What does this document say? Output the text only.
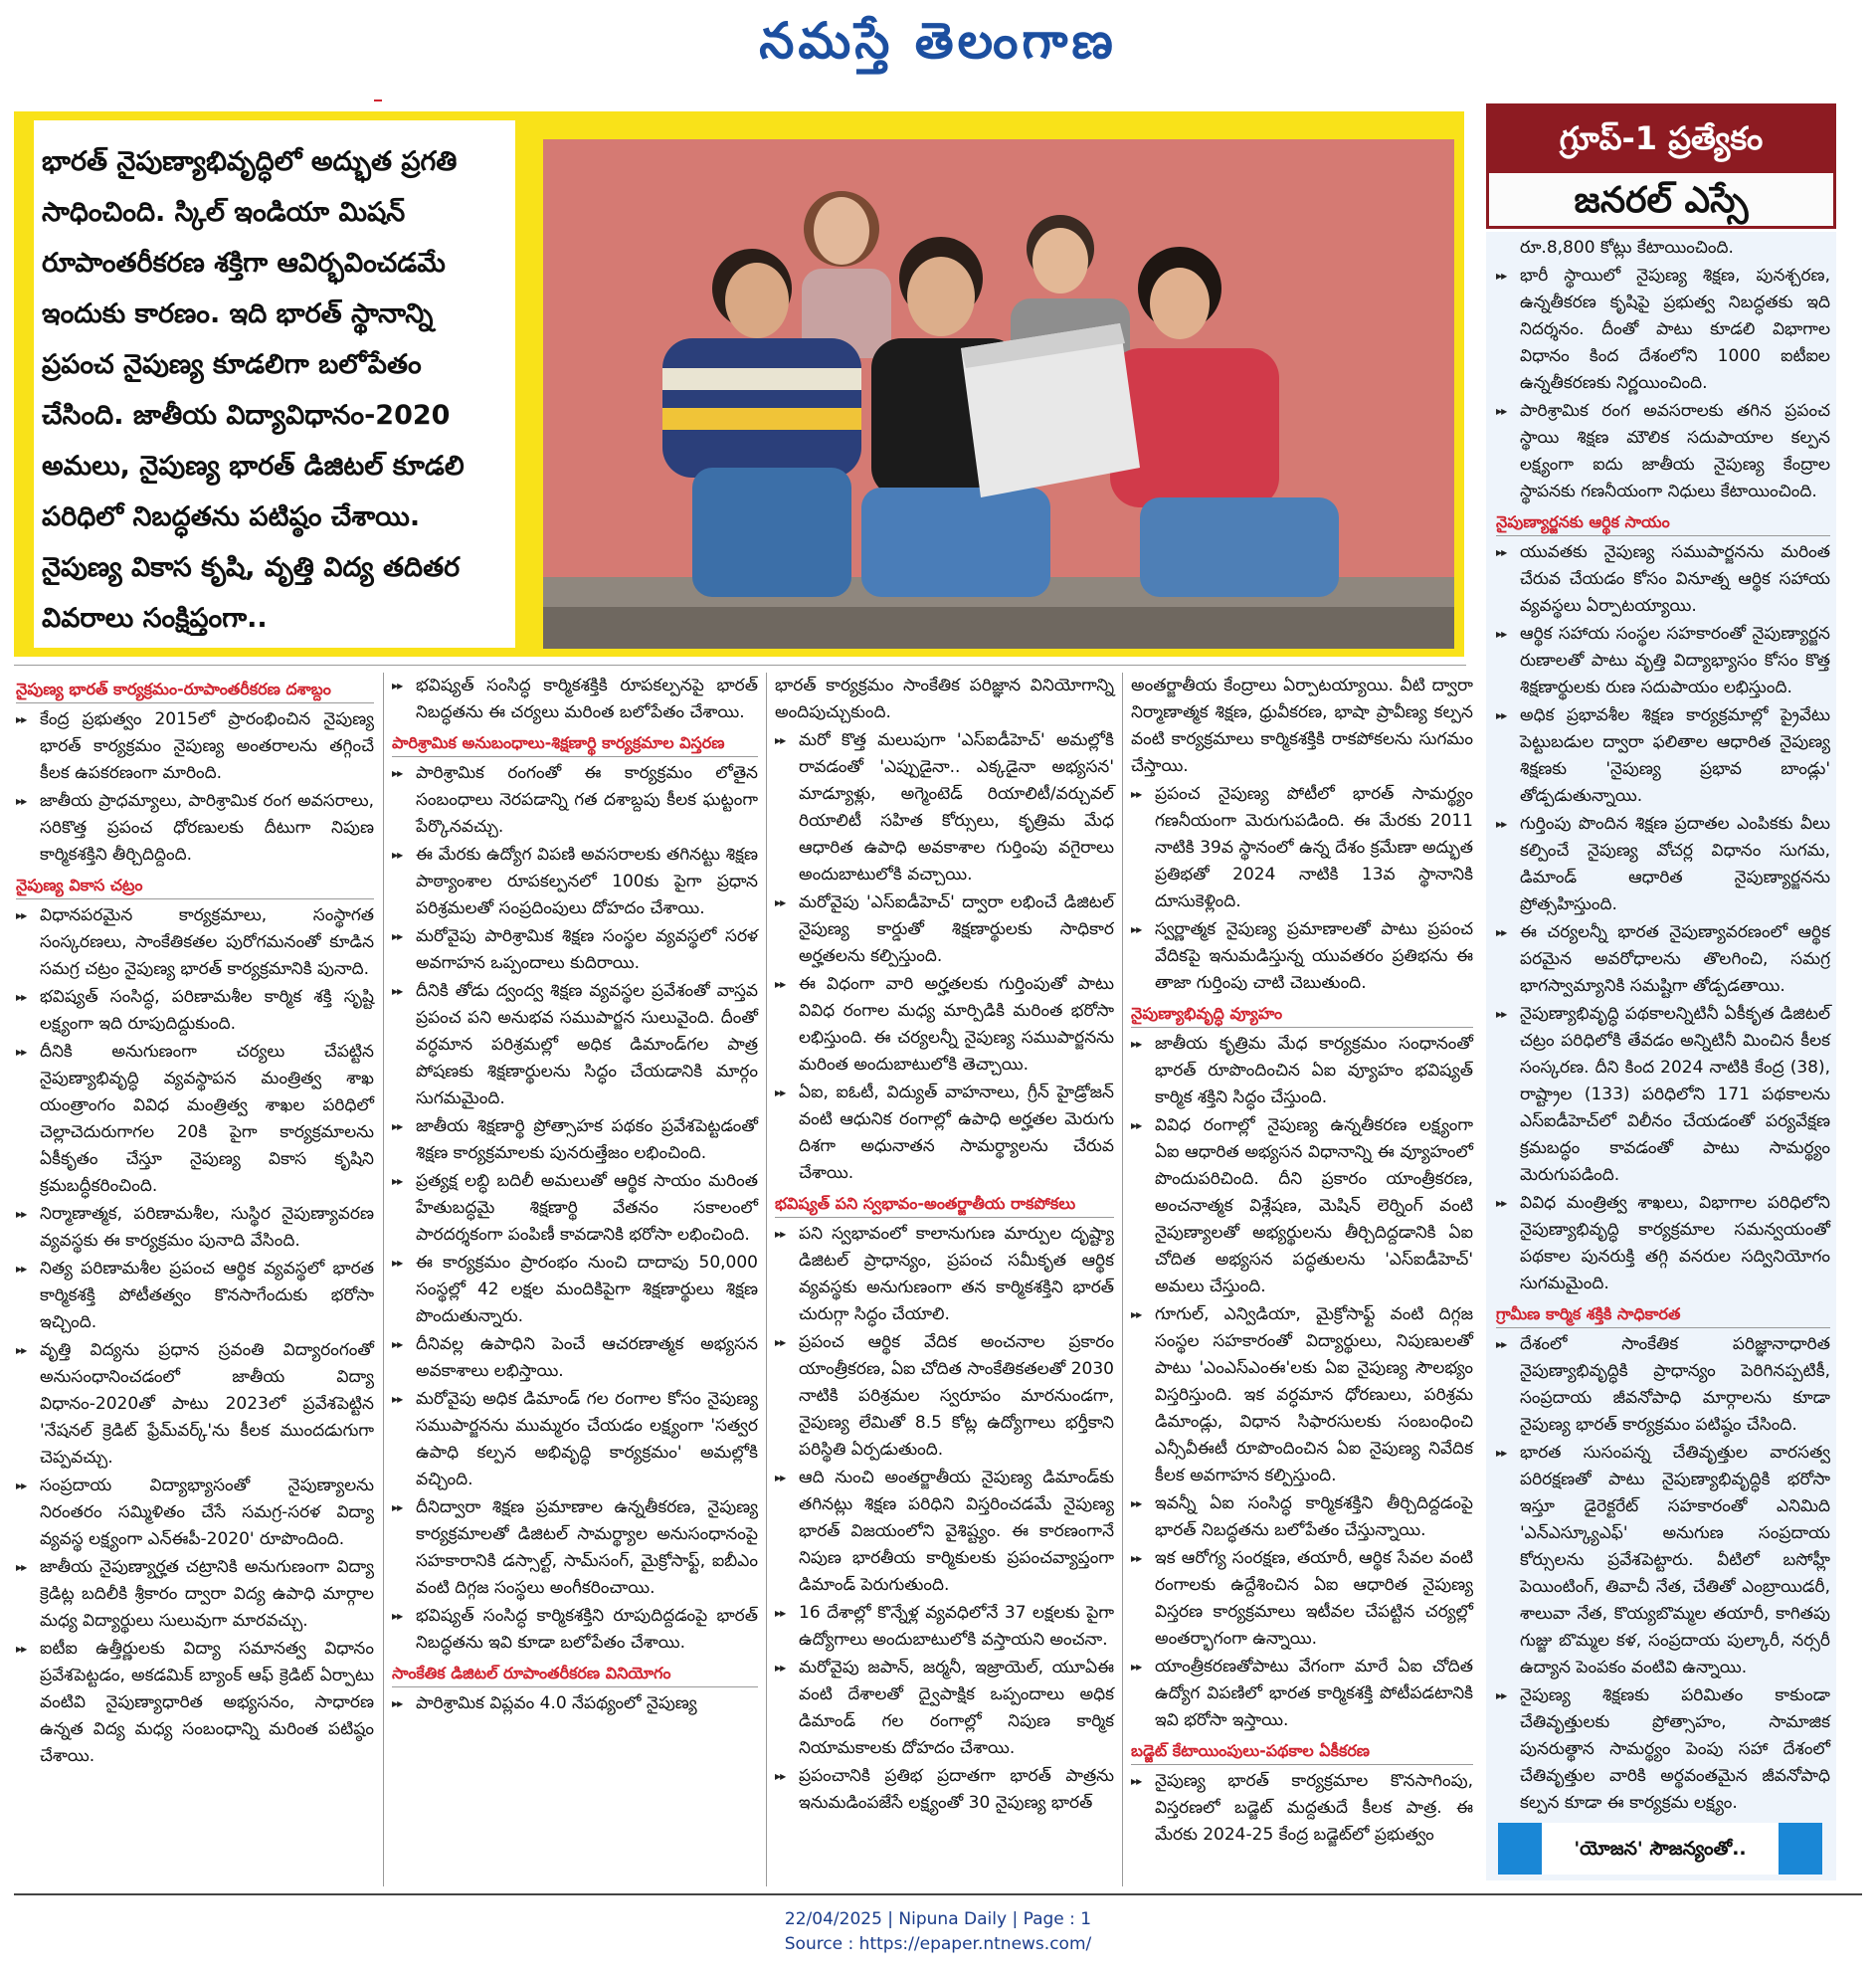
నమస్తే తెలంగాణ
భారత్ నైపుణ్యాభివృద్ధిలో అద్భుత ప్రగతి సాధించింది. స్కిల్ ఇండియా మిషన్ రూపాంతరీకరణ శక్తిగా ఆవిర్భవించడమే ఇందుకు కారణం. ఇది భారత్ స్థానాన్ని ప్రపంచ నైపుణ్య కూడలిగా బలోపేతం చేసింది. జాతీయ విద్యావిధానం-2020 అమలు, నైపుణ్య భారత్ డిజిటల్ కూడలి పరిధిలో నిబద్ధతను పటిష్ఠం చేశాయి. నైపుణ్య వికాస కృషి, వృత్తి విద్య తదితర వివరాలు సంక్షిప్తంగా..
గ్రూప్-1 ప్రత్యేకం
జనరల్ ఎస్సే
నైపుణ్య భారత్ కార్యక్రమం-రూపాంతరీకరణ దశాబ్దం
▶▶ కేంద్ర ప్రభుత్వం 2015లో ప్రారంభించిన నైపుణ్య భారత్ కార్యక్రమం నైపుణ్య అంతరాలను తగ్గించే కీలక ఉపకరణంగా మారింది.
▶▶ జాతీయ ప్రాధమ్యాలు, పారిశ్రామిక రంగ అవసరాలు, సరికొత్త ప్రపంచ ధోరణులకు దీటుగా నిపుణ కార్మికశక్తిని తీర్చిదిద్దింది.
నైపుణ్య వికాస చట్రం
▶▶ విధానపరమైన కార్యక్రమాలు, సంస్థాగత సంస్కరణలు, సాంకేతికతల పురోగమనంతో కూడిన సమగ్ర చట్రం నైపుణ్య భారత్ కార్యక్రమానికి పునాది.
▶▶ భవిష్యత్ సంసిద్ధ, పరిణామశీల కార్మిక శక్తి సృష్టి లక్ష్యంగా ఇది రూపుదిద్దుకుంది.
▶▶ దీనికి అనుగుణంగా చర్యలు చేపట్టిన నైపుణ్యాభివృద్ధి వ్యవస్థాపన మంత్రిత్వ శాఖ యంత్రాంగం వివిధ మంత్రిత్వ శాఖల పరిధిలో చెల్లాచెదురుగాగల 20కి పైగా కార్యక్రమాలను ఏకీకృతం చేస్తూ నైపుణ్య వికాస కృషిని క్రమబద్ధీకరించింది.
▶▶ నిర్మాణాత్మక, పరిణామశీల, సుస్థిర నైపుణ్యావరణ వ్యవస్థకు ఈ కార్యక్రమం పునాది వేసింది.
▶▶ నిత్య పరిణామశీల ప్రపంచ ఆర్థిక వ్యవస్థలో భారత కార్మికశక్తి పోటీతత్వం కొనసాగేందుకు భరోసా ఇచ్చింది.
▶▶ వృత్తి విద్యను ప్రధాన స్రవంతి విద్యారంగంతో అనుసంధానించడంలో జాతీయ విద్యా విధానం-2020తో పాటు 2023లో ప్రవేశపెట్టిన 'నేషనల్ క్రెడిట్ ఫ్రేమ్‌వర్క్'ను కీలక ముందడుగుగా చెప్పవచ్చు.
▶▶ సంప్రదాయ విద్యాభ్యాసంతో నైపుణ్యాలను నిరంతరం సమ్మిళితం చేసే సమగ్ర-సరళ విద్యా వ్యవస్థ లక్ష్యంగా ఎన్ఈపీ-2020' రూపొందింది.
▶▶ జాతీయ నైపుణ్యార్హత చట్రానికి అనుగుణంగా విద్యా క్రెడిట్ల బదిలీకి శ్రీకారం ద్వారా విద్య ఉపాధి మార్గాల మధ్య విద్యార్థులు సులువుగా మారవచ్చు.
▶▶ ఐటీఐ ఉత్తీర్ణులకు విద్యా సమానత్వ విధానం ప్రవేశపెట్టడం, అకడమిక్ బ్యాంక్ ఆఫ్ క్రెడిట్ ఏర్పాటు వంటివి నైపుణ్యాధారిత అభ్యసనం, సాధారణ ఉన్నత విద్య మధ్య సంబంధాన్ని మరింత పటిష్ఠం చేశాయి.
▶▶ భవిష్యత్ సంసిద్ధ కార్మికశక్తికి రూపకల్పనపై భారత్ నిబద్ధతను ఈ చర్యలు మరింత బలోపేతం చేశాయి.
పారిశ్రామిక అనుబంధాలు-శిక్షణార్థి కార్యక్రమాల విస్తరణ
▶▶ పారిశ్రామిక రంగంతో ఈ కార్యక్రమం లోతైన సంబంధాలు నెరపడాన్ని గత దశాబ్దపు కీలక ఘట్టంగా పేర్కొనవచ్చు.
▶▶ ఈ మేరకు ఉద్యోగ విపణి అవసరాలకు తగినట్టు శిక్షణ పాఠ్యాంశాల రూపకల్పనలో 100కు పైగా ప్రధాన పరిశ్రమలతో సంప్రదింపులు దోహదం చేశాయి.
▶▶ మరోవైపు పారిశ్రామిక శిక్షణ సంస్థల వ్యవస్థలో సరళ అవగాహన ఒప్పందాలు కుదిరాయి.
▶▶ దీనికి తోడు ద్వంద్వ శిక్షణ వ్యవస్థల ప్రవేశంతో వాస్తవ ప్రపంచ పని అనుభవ సముపార్జన సులువైంది. దీంతో వర్ధమాన పరిశ్రమల్లో అధిక డిమాండ్‌గల పాత్ర పోషణకు శిక్షణార్థులను సిద్ధం చేయడానికి మార్గం సుగమమైంది.
▶▶ జాతీయ శిక్షణార్థి ప్రోత్సాహక పథకం ప్రవేశపెట్టడంతో శిక్షణ కార్యక్రమాలకు పునరుత్తేజం లభించింది.
▶▶ ప్రత్యక్ష లబ్ధి బదిలీ అమలుతో ఆర్థిక సాయం మరింత హేతుబద్ధమై శిక్షణార్థి వేతనం సకాలంలో పారదర్శకంగా పంపిణీ కావడానికి భరోసా లభించింది.
▶▶ ఈ కార్యక్రమం ప్రారంభం నుంచి దాదాపు 50,000 సంస్థల్లో 42 లక్షల మందికిపైగా శిక్షణార్థులు శిక్షణ పొందుతున్నారు.
▶▶ దీనివల్ల ఉపాధిని పెంచే ఆచరణాత్మక అభ్యసన అవకాశాలు లభిస్తాయి.
▶▶ మరోవైపు అధిక డిమాండ్ గల రంగాల కోసం నైపుణ్య సముపార్జనను ముమ్మరం చేయడం లక్ష్యంగా 'సత్వర ఉపాధి కల్పన అభివృద్ధి కార్యక్రమం' అమల్లోకి వచ్చింది.
▶▶ దీనిద్వారా శిక్షణ ప్రమాణాల ఉన్నతీకరణ, నైపుణ్య కార్యక్రమాలతో డిజిటల్ సామర్థ్యాల అనుసంధానంపై సహకారానికి డస్సాల్ట్, సామ్‌సంగ్, మైక్రోసాఫ్ట్, ఐబీఎం వంటి దిగ్గజ సంస్థలు అంగీకరించాయి.
▶▶ భవిష్యత్ సంసిద్ధ కార్మికశక్తిని రూపుదిద్దడంపై భారత్ నిబద్ధతను ఇవి కూడా బలోపేతం చేశాయి.
సాంకేతిక డిజిటల్ రూపాంతరీకరణ వినియోగం
▶▶ పారిశ్రామిక విప్లవం 4.0 నేపథ్యంలో నైపుణ్య
భారత్ కార్యక్రమం సాంకేతిక పరిజ్ఞాన వినియోగాన్ని అందిపుచ్చుకుంది.
▶▶ మరో కొత్త మలుపుగా 'ఎస్ఐడీహెచ్' అమల్లోకి రావడంతో 'ఎప్పుడైనా.. ఎక్కడైనా అభ్యసన' మాడ్యూళ్లు, అగ్మెంటెడ్ రియాలిటీ/వర్చువల్ రియాలిటీ సహిత కోర్సులు, కృత్రిమ మేధ ఆధారిత ఉపాధి అవకాశాల గుర్తింపు వగైరాలు అందుబాటులోకి వచ్చాయి.
▶▶ మరోవైపు 'ఎస్ఐడీహెచ్' ద్వారా లభించే డిజిటల్ నైపుణ్య కార్డుతో శిక్షణార్థులకు సాధికార అర్హతలను కల్పిస్తుంది.
▶▶ ఈ విధంగా వారి అర్హతలకు గుర్తింపుతో పాటు వివిధ రంగాల మధ్య మార్పిడికి మరింత భరోసా లభిస్తుంది. ఈ చర్యలన్నీ నైపుణ్య సముపార్జనను మరింత అందుబాటులోకి తెచ్చాయి.
▶▶ ఏఐ, ఐఓటీ, విద్యుత్ వాహనాలు, గ్రీన్ హైడ్రోజన్ వంటి ఆధునిక రంగాల్లో ఉపాధి అర్హతల మెరుగు దిశగా అధునాతన సామర్థ్యాలను చేరువ చేశాయి.
భవిష్యత్ పని స్వభావం-అంతర్జాతీయ రాకపోకలు
▶▶ పని స్వభావంలో కాలానుగుణ మార్పుల దృష్ట్యా డిజిటల్ ప్రాధాన్యం, ప్రపంచ సమీకృత ఆర్థిక వ్యవస్థకు అనుగుణంగా తన కార్మికశక్తిని భారత్ చురుగ్గా సిద్ధం చేయాలి.
▶▶ ప్రపంచ ఆర్థిక వేదిక అంచనాల ప్రకారం యాంత్రీకరణ, ఏఐ చోదిత సాంకేతికతలతో 2030 నాటికి పరిశ్రమల స్వరూపం మారనుండగా, నైపుణ్య లేమితో 8.5 కోట్ల ఉద్యోగాలు భర్తీకాని పరిస్థితి ఏర్పడుతుంది.
▶▶ ఆది నుంచి అంతర్జాతీయ నైపుణ్య డిమాండ్‌కు తగినట్లు శిక్షణ పరిధిని విస్తరించడమే నైపుణ్య భారత్ విజయంలోని వైశిష్ట్యం. ఈ కారణంగానే నిపుణ భారతీయ కార్మికులకు ప్రపంచవ్యాప్తంగా డిమాండ్ పెరుగుతుంది.
▶▶ 16 దేశాల్లో కొన్నేళ్ల వ్యవధిలోనే 37 లక్షలకు పైగా ఉద్యోగాలు అందుబాటులోకి వస్తాయని అంచనా.
▶▶ మరోవైపు జపాన్, జర్మనీ, ఇజ్రాయెల్, యూఏఈ వంటి దేశాలతో ద్వైపాక్షిక ఒప్పందాలు అధిక డిమాండ్ గల రంగాల్లో నిపుణ కార్మిక నియామకాలకు దోహదం చేశాయి.
▶▶ ప్రపంచానికి ప్రతిభ ప్రదాతగా భారత్ పాత్రను ఇనుమడింపజేసే లక్ష్యంతో 30 నైపుణ్య భారత్
అంతర్జాతీయ కేంద్రాలు ఏర్పాటయ్యాయి. వీటి ద్వారా నిర్మాణాత్మక శిక్షణ, ధ్రువీకరణ, భాషా ప్రావీణ్య కల్పన వంటి కార్యక్రమాలు కార్మికశక్తికి రాకపోకలను సుగమం చేస్తాయి.
▶▶ ప్రపంచ నైపుణ్య పోటీలో భారత్ సామర్థ్యం గణనీయంగా మెరుగుపడింది. ఈ మేరకు 2011 నాటికి 39వ స్థానంలో ఉన్న దేశం క్రమేణా అద్భుత ప్రతిభతో 2024 నాటికి 13వ స్థానానికి దూసుకెళ్లింది.
▶▶ స్వర్ణాత్మక నైపుణ్య ప్రమాణాలతో పాటు ప్రపంచ వేదికపై ఇనుమడిస్తున్న యువతరం ప్రతిభను ఈ తాజా గుర్తింపు చాటి చెబుతుంది.
నైపుణ్యాభివృద్ధి వ్యూహం
▶▶ జాతీయ కృత్రిమ మేధ కార్యక్రమం సంధానంతో భారత్ రూపొందించిన ఏఐ వ్యూహం భవిష్యత్ కార్మిక శక్తిని సిద్ధం చేస్తుంది.
▶▶ వివిధ రంగాల్లో నైపుణ్య ఉన్నతీకరణ లక్ష్యంగా ఏఐ ఆధారిత అభ్యసన విధానాన్ని ఈ వ్యూహంలో పొందుపరిచింది. దీని ప్రకారం యాంత్రీకరణ, అంచనాత్మక విశ్లేషణ, మెషిన్ లెర్నింగ్ వంటి నైపుణ్యాలతో అభ్యర్థులను తీర్చిదిద్దడానికి ఏఐ చోదిత అభ్యసన పద్ధతులను 'ఎస్ఐడీహెచ్' అమలు చేస్తుంది.
▶▶ గూగుల్, ఎన్విడియా, మైక్రోసాఫ్ట్ వంటి దిగ్గజ సంస్థల సహకారంతో విద్యార్థులు, నిపుణులతో పాటు 'ఎంఎస్ఎంఈ'లకు ఏఐ నైపుణ్య సౌలభ్యం విస్తరిస్తుంది. ఇక వర్ధమాన ధోరణులు, పరిశ్రమ డిమాండ్లు, విధాన సిఫారసులకు సంబంధించి ఎన్సీవీఈటీ రూపొందించిన ఏఐ నైపుణ్య నివేదిక కీలక అవగాహన కల్పిస్తుంది.
▶▶ ఇవన్నీ ఏఐ సంసిద్ధ కార్మికశక్తిని తీర్చిదిద్దడంపై భారత్ నిబద్ధతను బలోపేతం చేస్తున్నాయి.
▶▶ ఇక ఆరోగ్య సంరక్షణ, తయారీ, ఆర్థిక సేవల వంటి రంగాలకు ఉద్దేశించిన ఏఐ ఆధారిత నైపుణ్య విస్తరణ కార్యక్రమాలు ఇటీవల చేపట్టిన చర్యల్లో అంతర్భాగంగా ఉన్నాయి.
▶▶ యాంత్రీకరణతోపాటు వేగంగా మారే ఏఐ చోదిత ఉద్యోగ విపణిలో భారత కార్మికశక్తి పోటీపడటానికి ఇవి భరోసా ఇస్తాయి.
బడ్జెట్ కేటాయింపులు-పథకాల ఏకీకరణ
▶▶ నైపుణ్య భారత్ కార్యక్రమాల కొనసాగింపు, విస్తరణలో బడ్జెట్ మద్దతుదే కీలక పాత్ర. ఈ మేరకు 2024-25 కేంద్ర బడ్జెట్‌లో ప్రభుత్వం
రూ.8,800 కోట్లు కేటాయించింది.
▶▶ భారీ స్థాయిలో నైపుణ్య శిక్షణ, పునశ్చరణ, ఉన్నతీకరణ కృషిపై ప్రభుత్వ నిబద్ధతకు ఇది నిదర్శనం. దీంతో పాటు కూడలి విభాగాల విధానం కింద దేశంలోని 1000 ఐటీఐల ఉన్నతీకరణకు నిర్ణయించింది.
▶▶ పారిశ్రామిక రంగ అవసరాలకు తగిన ప్రపంచ స్థాయి శిక్షణ మౌలిక సదుపాయాల కల్పన లక్ష్యంగా ఐదు జాతీయ నైపుణ్య కేంద్రాల స్థాపనకు గణనీయంగా నిధులు కేటాయించింది.
నైపుణ్యార్జనకు ఆర్థిక సాయం
▶▶ యువతకు నైపుణ్య సముపార్జనను మరింత చేరువ చేయడం కోసం వినూత్న ఆర్థిక సహాయ వ్యవస్థలు ఏర్పాటయ్యాయి.
▶▶ ఆర్థిక సహాయ సంస్థల సహకారంతో నైపుణ్యార్జన రుణాలతో పాటు వృత్తి విద్యాభ్యాసం కోసం కొత్త శిక్షణార్థులకు రుణ సదుపాయం లభిస్తుంది.
▶▶ అధిక ప్రభావశీల శిక్షణ కార్యక్రమాల్లో ప్రైవేటు పెట్టుబడుల ద్వారా ఫలితాల ఆధారిత నైపుణ్య శిక్షణకు 'నైపుణ్య ప్రభావ బాండ్లు' తోడ్పడుతున్నాయి.
▶▶ గుర్తింపు పొందిన శిక్షణ ప్రదాతల ఎంపికకు వీలు కల్పించే నైపుణ్య వోచర్ల విధానం సుగమ, డిమాండ్ ఆధారిత నైపుణ్యార్జనను ప్రోత్సహిస్తుంది.
▶▶ ఈ చర్యలన్నీ భారత నైపుణ్యావరణంలో ఆర్థిక పరమైన అవరోధాలను తొలగించి, సమగ్ర భాగస్వామ్యానికి సమష్టిగా తోడ్పడతాయి.
▶▶ నైపుణ్యాభివృద్ధి పథకాలన్నిటినీ ఏకీకృత డిజిటల్ చట్రం పరిధిలోకి తేవడం అన్నిటినీ మించిన కీలక సంస్కరణ. దీని కింద 2024 నాటికి కేంద్ర (38), రాష్ట్రాల (133) పరిధిలోని 171 పథకాలను ఎస్ఐడీహెచ్‌లో విలీనం చేయడంతో పర్యవేక్షణ క్రమబద్ధం కావడంతో పాటు సామర్థ్యం మెరుగుపడింది.
▶▶ వివిధ మంత్రిత్వ శాఖలు, విభాగాల పరిధిలోని నైపుణ్యాభివృద్ధి కార్యక్రమాల సమన్వయంతో పథకాల పునరుక్తి తగ్గి వనరుల సద్వినియోగం సుగమమైంది.
గ్రామీణ కార్మిక శక్తికి సాధికారత
▶▶ దేశంలో సాంకేతిక పరిజ్ఞానాధారిత నైపుణ్యాభివృద్ధికి ప్రాధాన్యం పెరిగినప్పటికీ, సంప్రదాయ జీవనోపాధి మార్గాలను కూడా నైపుణ్య భారత్ కార్యక్రమం పటిష్ఠం చేసింది.
▶▶ భారత సుసంపన్న చేతివృత్తుల వారసత్వ పరిరక్షణతో పాటు నైపుణ్యాభివృద్ధికి భరోసా ఇస్తూ డైరెక్టరేట్ సహకారంతో ఎనిమిది 'ఎన్ఎస్క్యూఎఫ్' అనుగుణ సంప్రదాయ కోర్సులను ప్రవేశపెట్టారు. వీటిలో బసోహ్లీ పెయింటింగ్, తివాచీ నేత, చేతితో ఎంబ్రాయిడరీ, శాలువా నేత, కొయ్యబొమ్మల తయారీ, కాగితపు గుజ్జు బొమ్మల కళ, సంప్రదాయ పుల్కారీ, నర్సరీ ఉద్యాన పెంపకం వంటివి ఉన్నాయి.
▶▶ నైపుణ్య శిక్షణకు పరిమితం కాకుండా చేతివృత్తులకు ప్రోత్సాహం, సామాజిక పునరుత్థాన సామర్థ్యం పెంపు సహా దేశంలో చేతివృత్తుల వారికి అర్థవంతమైన జీవనోపాధి కల్పన కూడా ఈ కార్యక్రమ లక్ష్యం.
'యోజన' సౌజన్యంతో..
22/04/2025 | Nipuna Daily | Page : 1
Source : https://epaper.ntnews.com/
